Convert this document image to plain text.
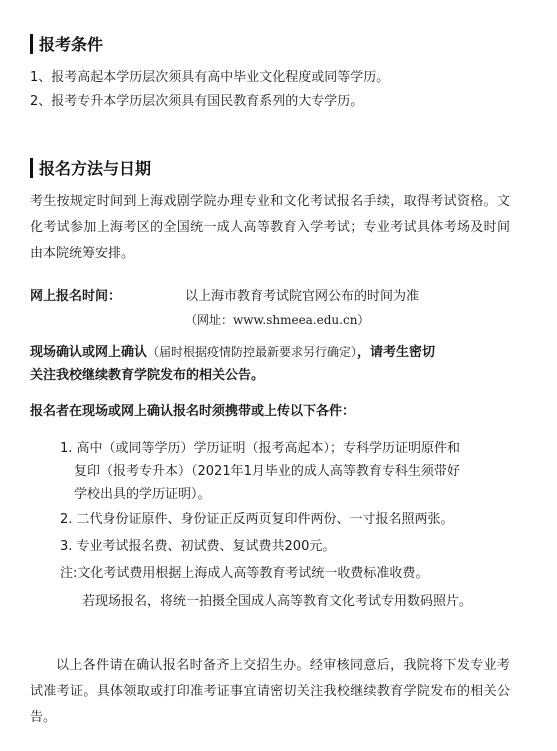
报考条件
1、报考高起本学历层次须具有高中毕业文化程度或同等学历。
2、报考专升本学历层次须具有国民教育系列的大专学历。
报名方法与日期
考生按规定时间到上海戏剧学院办理专业和文化考试报名手续，取得考试资格。文化考试参加上海考区的全国统一成人高等教育入学考试；专业考试具体考场及时间由本院统筹安排。
网上报名时间：	以上海市教育考试院官网公布的时间为准
（网址：www.shmeea.edu.cn）
现场确认或网上确认（届时根据疫情防控最新要求另行确定），请考生密切
关注我校继续教育学院发布的相关公告。
报名者在现场或网上确认报名时须携带或上传以下各件：
1. 高中（或同等学历）学历证明（报考高起本）；专科学历证明原件和
复印（报考专升本）（2021年1月毕业的成人高等教育专科生须带好
学校出具的学历证明）。
2. 二代身份证原件、身份证正反两页复印件两份、一寸报名照两张。
3. 专业考试报名费、初试费、复试费共200元。
注:文化考试费用根据上海成人高等教育考试统一收费标准收费。
若现场报名，将统一拍摄全国成人高等教育文化考试专用数码照片。
以上各件请在确认报名时备齐上交招生办。经审核同意后，我院将下发专业考试准考证。具体领取或打印准考证事宜请密切关注我校继续教育学院发布的相关公告。
